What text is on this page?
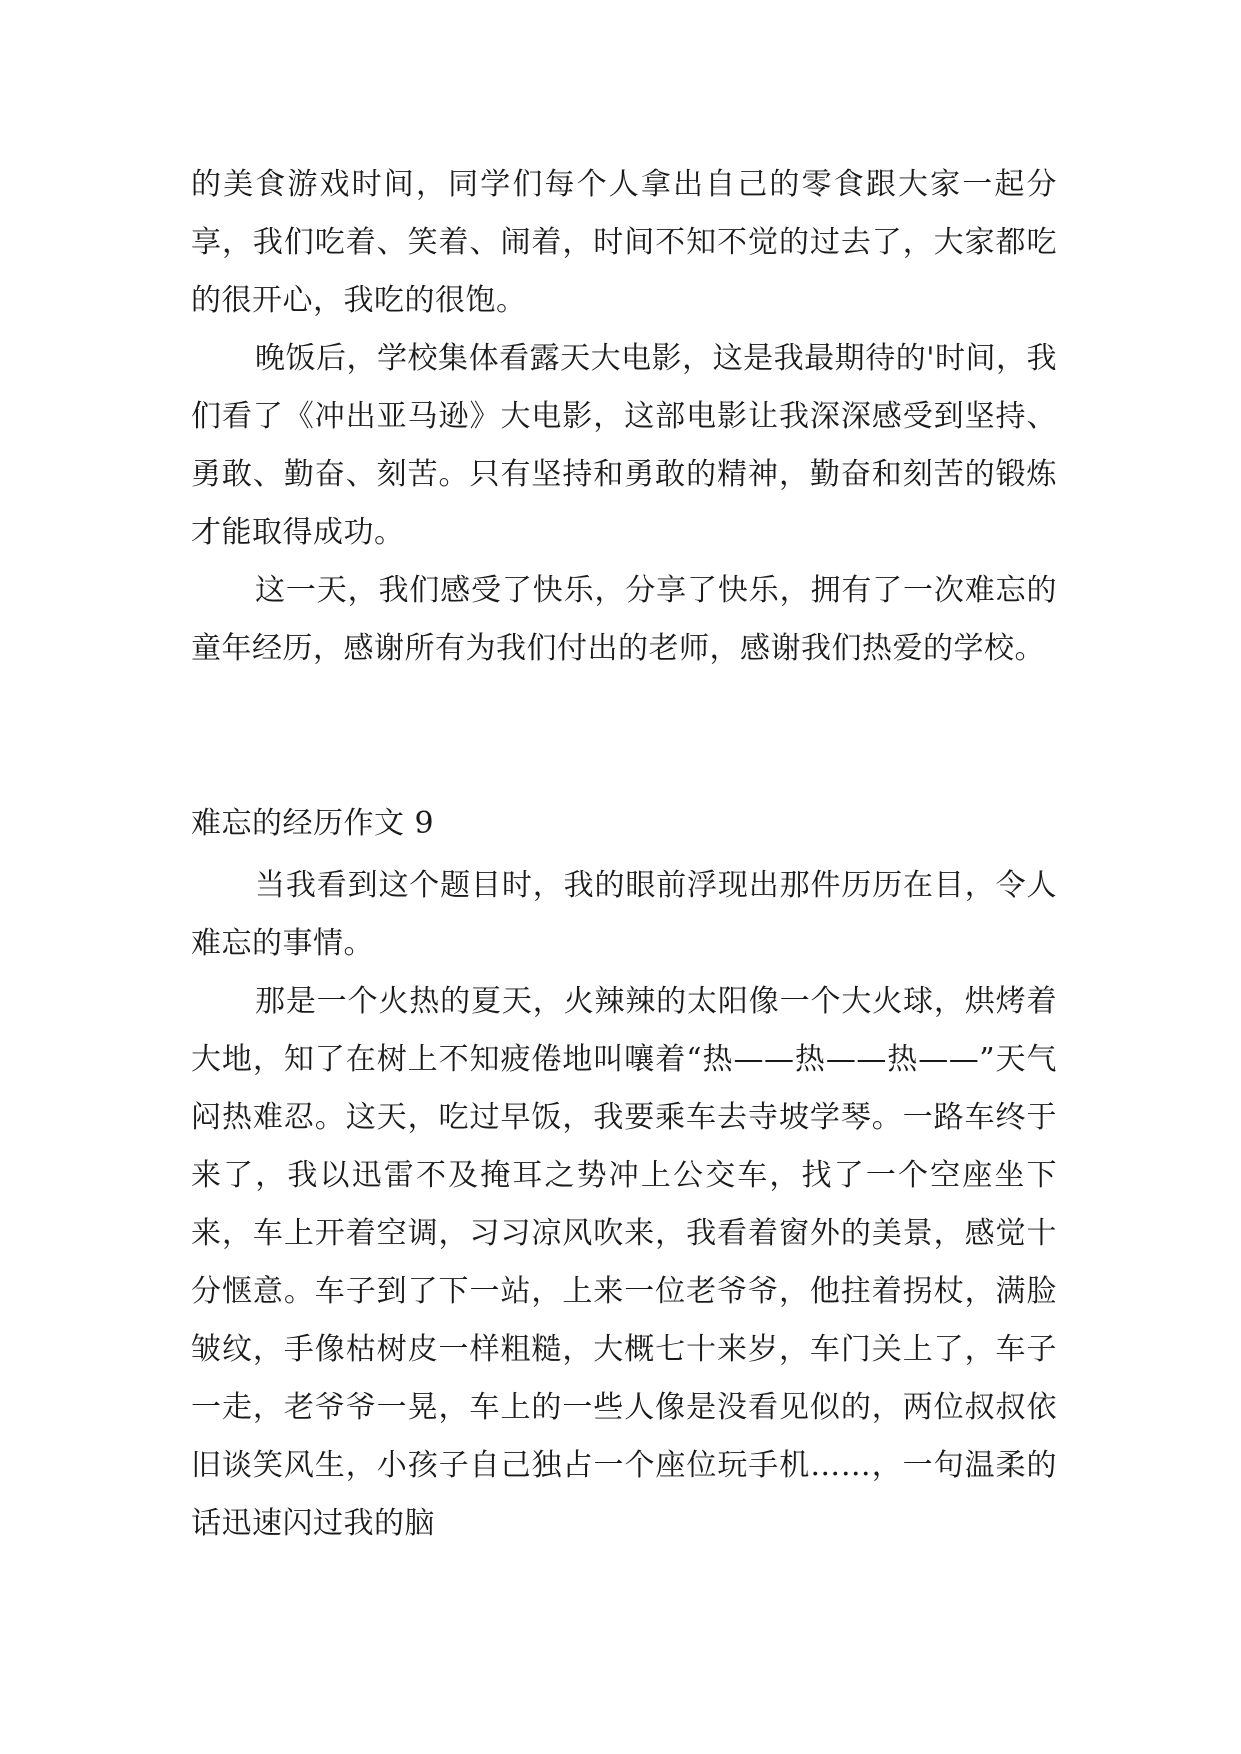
的美食游戏时间，同学们每个人拿出自己的零食跟大家一起分享，我们吃着、笑着、闹着，时间不知不觉的过去了，大家都吃的很开心，我吃的很饱。

晚饭后，学校集体看露天大电影，这是我最期待的'时间，我们看了《冲出亚马逊》大电影，这部电影让我深深感受到坚持、勇敢、勤奋、刻苦。只有坚持和勇敢的精神，勤奋和刻苦的锻炼才能取得成功。

这一天，我们感受了快乐，分享了快乐，拥有了一次难忘的童年经历，感谢所有为我们付出的老师，感谢我们热爱的学校。

难忘的经历作文 9

当我看到这个题目时，我的眼前浮现出那件历历在目，令人难忘的事情。

那是一个火热的夏天，火辣辣的太阳像一个大火球，烘烤着大地，知了在树上不知疲倦地叫嚷着“热——热——热——”天气闷热难忍。这天，吃过早饭，我要乘车去寺坡学琴。一路车终于来了，我以迅雷不及掩耳之势冲上公交车，找了一个空座坐下来，车上开着空调，习习凉风吹来，我看着窗外的美景，感觉十分惬意。车子到了下一站，上来一位老爷爷，他拄着拐杖，满脸皱纹，手像枯树皮一样粗糙，大概七十来岁，车门关上了，车子一走，老爷爷一晃，车上的一些人像是没看见似的，两位叔叔依旧谈笑风生，小孩子自己独占一个座位玩手机……，一句温柔的话迅速闪过我的脑
